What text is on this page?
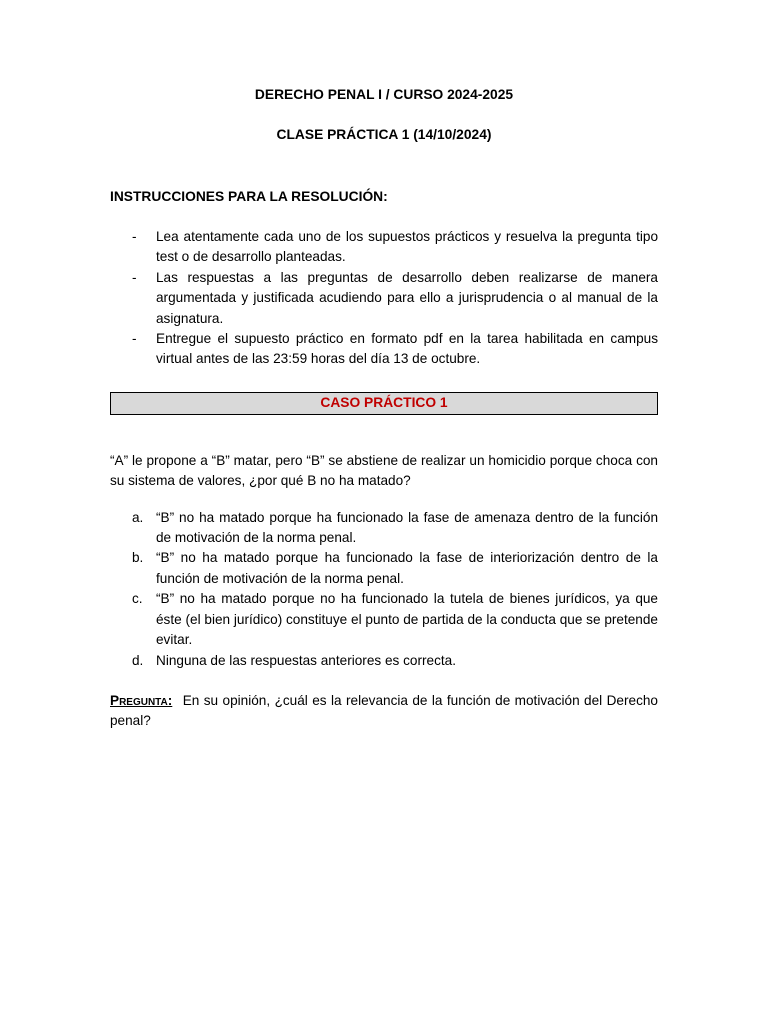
DERECHO PENAL I / CURSO 2024-2025
CLASE PRÁCTICA 1 (14/10/2024)
INSTRUCCIONES PARA LA RESOLUCIÓN:
- Lea atentamente cada uno de los supuestos prácticos y resuelva la pregunta tipo test o de desarrollo planteadas.
- Las respuestas a las preguntas de desarrollo deben realizarse de manera argumentada y justificada acudiendo para ello a jurisprudencia o al manual de la asignatura.
- Entregue el supuesto práctico en formato pdf en la tarea habilitada en campus virtual antes de las 23:59 horas del día 13 de octubre.
CASO PRÁCTICO 1
“A” le propone a “B” matar, pero “B” se abstiene de realizar un homicidio porque choca con su sistema de valores, ¿por qué B no ha matado?
a. “B” no ha matado porque ha funcionado la fase de amenaza dentro de la función de motivación de la norma penal.
b. “B” no ha matado porque ha funcionado la fase de interiorización dentro de la función de motivación de la norma penal.
c. “B” no ha matado porque no ha funcionado la tutela de bienes jurídicos, ya que éste (el bien jurídico) constituye el punto de partida de la conducta que se pretende evitar.
d. Ninguna de las respuestas anteriores es correcta.
Pregunta: En su opinión, ¿cuál es la relevancia de la función de motivación del Derecho penal?
